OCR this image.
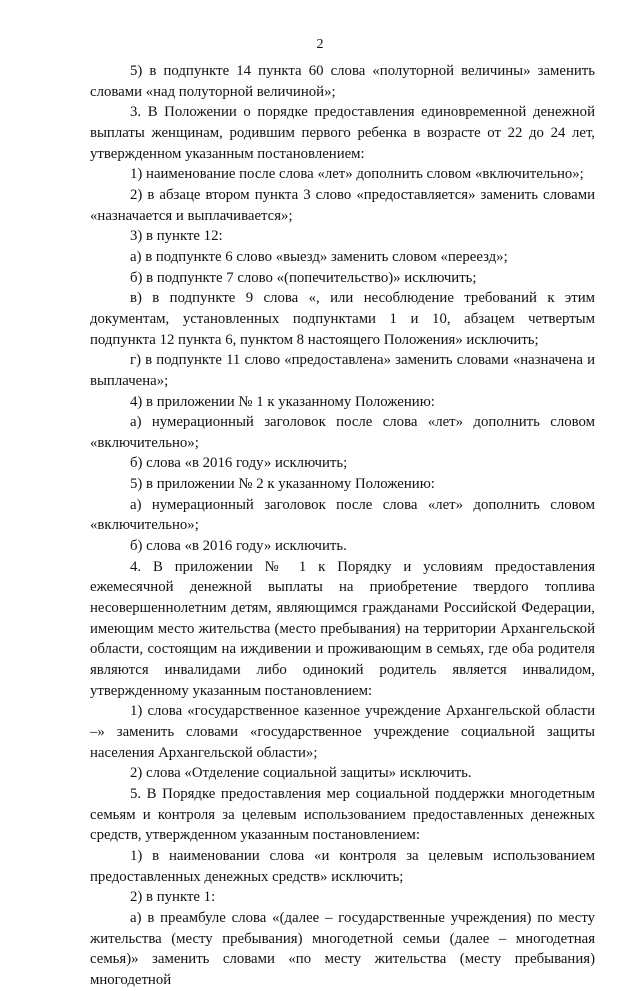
2

5) в подпункте 14 пункта 60 слова «полуторной величины» заменить словами «над полуторной величиной»;

3. В Положении о порядке предоставления единовременной денежной выплаты женщинам, родившим первого ребенка в возрасте от 22 до 24 лет, утвержденном указанным постановлением:

1) наименование после слова «лет» дополнить словом «включительно»;

2) в абзаце втором пункта 3 слово «предоставляется» заменить словами «назначается и выплачивается»;

3) в пункте 12:

а) в подпункте 6 слово «выезд» заменить словом «переезд»;

б) в подпункте 7 слово «(попечительство)» исключить;

в) в подпункте 9 слова «, или несоблюдение требований к этим документам, установленных подпунктами 1 и 10, абзацем четвертым подпункта 12 пункта 6, пунктом 8 настоящего Положения» исключить;

г) в подпункте 11 слово «предоставлена» заменить словами «назначена и выплачена»;

4) в приложении № 1 к указанному Положению:

а) нумерационный заголовок после слова «лет» дополнить словом «включительно»;

б) слова «в 2016 году» исключить;

5) в приложении № 2 к указанному Положению:

а) нумерационный заголовок после слова «лет» дополнить словом «включительно»;

б) слова «в 2016 году» исключить.

4. В приложении № 1 к Порядку и условиям предоставления ежемесячной денежной выплаты на приобретение твердого топлива несовершеннолетним детям, являющимся гражданами Российской Федерации, имеющим место жительства (место пребывания) на территории Архангельской области, состоящим на иждивении и проживающим в семьях, где оба родителя являются инвалидами либо одинокий родитель является инвалидом, утвержденному указанным постановлением:

1) слова «государственное казенное учреждение Архангельской области –» заменить словами «государственное учреждение социальной защиты населения Архангельской области»;

2) слова «Отделение социальной защиты» исключить.

5. В Порядке предоставления мер социальной поддержки многодетным семьям и контроля за целевым использованием предоставленных денежных средств, утвержденном указанным постановлением:

1) в наименовании слова «и контроля за целевым использованием предоставленных денежных средств» исключить;

2) в пункте 1:

а) в преамбуле слова «(далее – государственные учреждения) по месту жительства (месту пребывания) многодетной семьи (далее – многодетная семья)» заменить словами «по месту жительства (месту пребывания) многодетной
